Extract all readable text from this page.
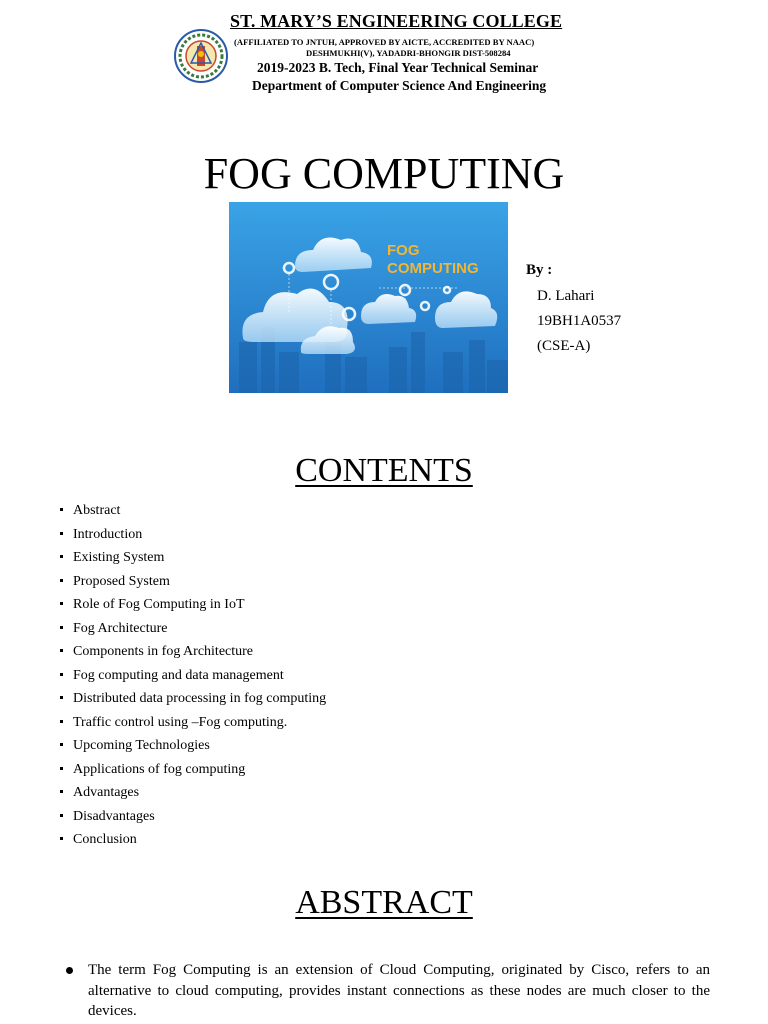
ST. MARY’S ENGINEERING COLLEGE
(AFFILIATED TO JNTUH, APPROVED BY AICTE, ACCREDITED BY NAAC)
DESHMUKHI(V), YADADRI-BHONGIR DIST-508284
2019-2023 B. Tech, Final Year Technical Seminar
Department of Computer Science And Engineering
FOG COMPUTING
FOG
COMPUTING	By :
D. Lahari
19BH1A0537
(CSE-A)
CONTENTS
Abstract
Introduction
Existing System
Proposed System
Role of Fog Computing in IoT
Fog Architecture
Components in fog Architecture
Fog computing and data management
Distributed data processing in fog computing
Traffic control using –Fog computing.
Upcoming Technologies
Applications of fog computing
Advantages
Disadvantages
Conclusion
ABSTRACT
The term Fog Computing is an extension of Cloud Computing, originated by Cisco, refers to an alternative to cloud computing, provides instant connections as these nodes are much closer to the devices.
